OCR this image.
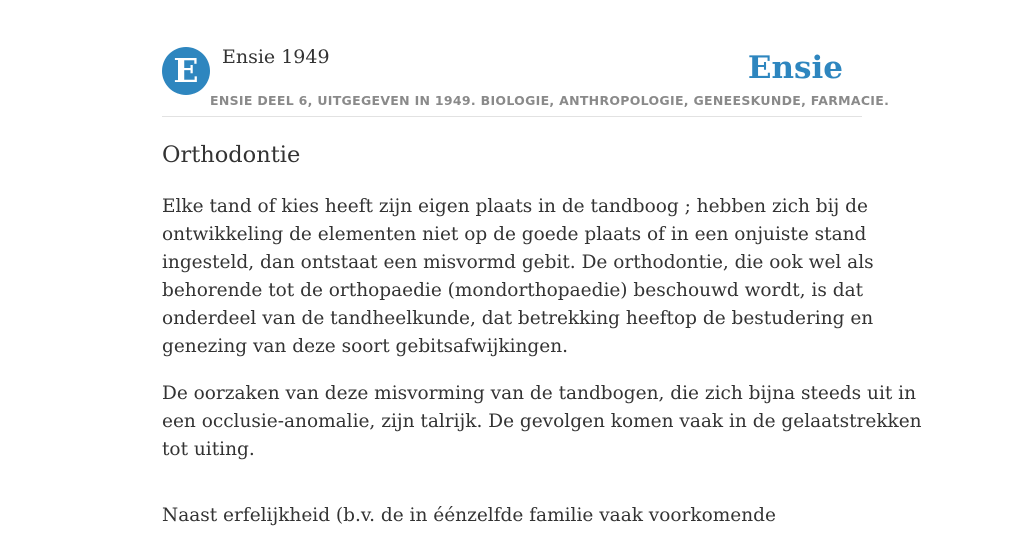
E	Ensie 1949	Ensie
ENSIE DEEL 6, UITGEGEVEN IN 1949. BIOLOGIE, ANTHROPOLOGIE, GENEESKUNDE, FARMACIE.
Orthodontie

Elke tand of kies heeft zijn eigen plaats in de tandboog ; hebben zich bij de
ontwikkeling de elementen niet op de goede plaats of in een onjuiste stand
ingesteld, dan ontstaat een misvormd gebit. De orthodontie, die ook wel als
behorende tot de orthopaedie (mondorthopaedie) beschouwd wordt, is dat
onderdeel van de tandheelkunde, dat betrekking heeftop de bestudering en
genezing van deze soort gebitsafwijkingen.

De oorzaken van deze misvorming van de tandbogen, die zich bijna steeds uit in
een occlusie-anomalie, zijn talrijk. De gevolgen komen vaak in de gelaatstrekken
tot uiting.

Naast erfelijkheid (b.v. de in éénzelfde familie vaak voorkomende
